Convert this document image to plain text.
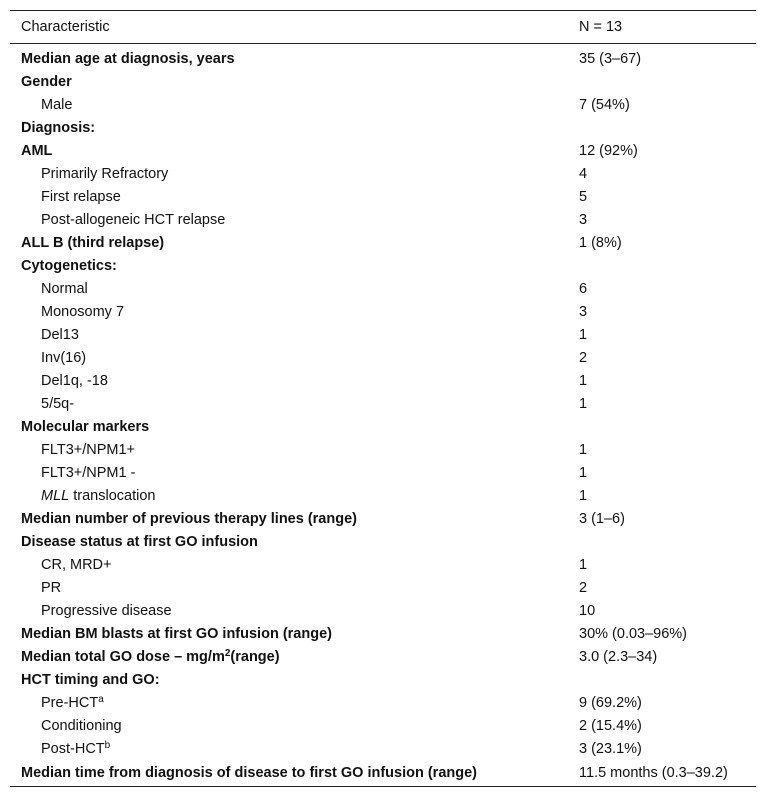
Characteristic	N = 13
Median age at diagnosis, years	35 (3–67)
Gender	
Male	7 (54%)
Diagnosis:	
AML	12 (92%)
Primarily Refractory	4
First relapse	5
Post-allogeneic HCT relapse	3
ALL B (third relapse)	1 (8%)
Cytogenetics:	
Normal	6
Monosomy 7	3
Del13	1
Inv(16)	2
Del1q, -18	1
5/5q-	1
Molecular markers	
FLT3+/NPM1+	1
FLT3+/NPM1 -	1
MLL translocation	1
Median number of previous therapy lines (range)	3 (1–6)
Disease status at first GO infusion	
CR, MRD+	1
PR	2
Progressive disease	10
Median BM blasts at first GO infusion (range)	30% (0.03–96%)
Median total GO dose – $mg/m^2(range)$	3.0 (2.3–34)
HCT timing and GO:	
Pre-HCT$^a$	9 (69.2%)
Conditioning	2 (15.4%)
Post-HCT$^b$	3 (23.1%)
Median time from diagnosis of disease to first GO infusion (range)	11.5 months (0.3–39.2)
